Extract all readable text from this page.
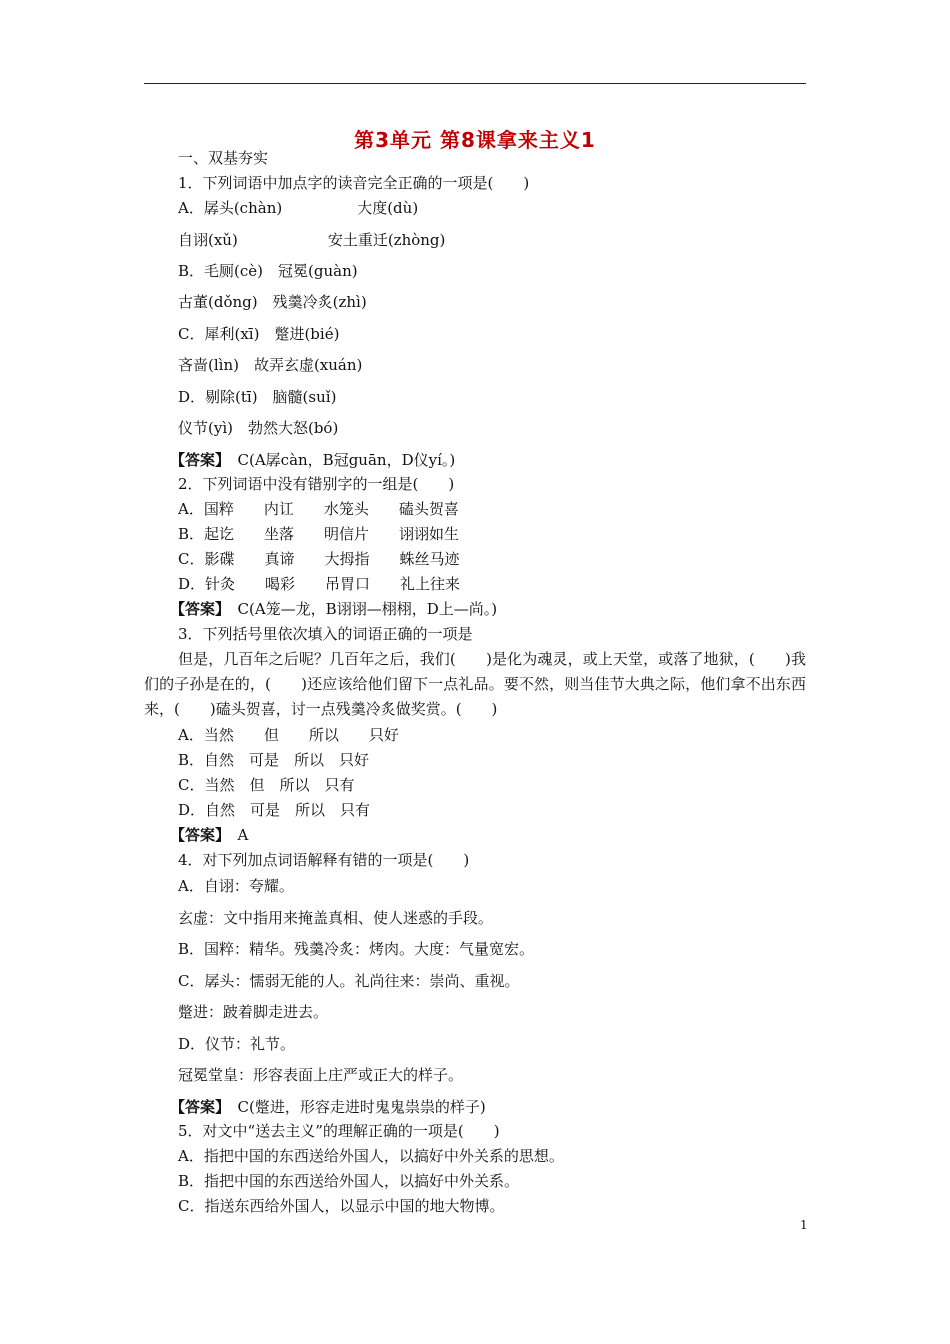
第3单元 第8课拿来主义1
一、双基夯实
1．下列词语中加点字的读音完全正确的一项是(　　)
A．孱头(chàn)　　　　　大度(dù)
自诩(xǔ)　　　　　　安土重迁(zhòng)
B．毛厕(cè)　冠冕(guàn)
古董(dǒng)　残羹冷炙(zhì)
C．犀利(xī)　蹩进(bié)
吝啬(lìn)　故弄玄虚(xuán)
D．剔除(tī)　脑髓(suǐ)
仪节(yì)　勃然大怒(bó)
【答案】　C(A孱càn，B冠guān，D仪yí。)
2．下列词语中没有错别字的一组是(　　)
A．国粹　　内讧　　水笼头　　磕头贺喜
B．起讫　　坐落　　明信片　　诩诩如生
C．影碟　　真谛　　大拇指　　蛛丝马迹
D．针灸　　喝彩　　吊胃口　　礼上往来
【答案】　C(A笼—龙，B诩诩—栩栩，D上—尚。)
3．下列括号里依次填入的词语正确的一项是
但是，几百年之后呢？几百年之后，我们(　　)是化为魂灵，或上天堂，或落了地狱，(　　)我们的子孙是在的，(　　)还应该给他们留下一点礼品。要不然，则当佳节大典之际，他们拿不出东西来，(　　)磕头贺喜，讨一点残羹冷炙做奖赏。(　　)
A．当然　　但　　所以　　只好
B．自然　可是　所以　只好
C．当然　但　所以　只有
D．自然　可是　所以　只有
【答案】　A
4．对下列加点词语解释有错的一项是(　　)
A．自诩：夸耀。
玄虚：文中指用来掩盖真相、使人迷惑的手段。
B．国粹：精华。残羹冷炙：烤肉。大度：气量宽宏。
C．孱头：懦弱无能的人。礼尚往来：崇尚、重视。
蹩进：跛着脚走进去。
D．仪节：礼节。
冠冕堂皇：形容表面上庄严或正大的样子。
【答案】　C(蹩进，形容走进时鬼鬼祟祟的样子)
5．对文中“送去主义”的理解正确的一项是(　　)
A．指把中国的东西送给外国人，以搞好中外关系的思想。
B．指把中国的东西送给外国人，以搞好中外关系。
C．指送东西给外国人，以显示中国的地大物博。
1
